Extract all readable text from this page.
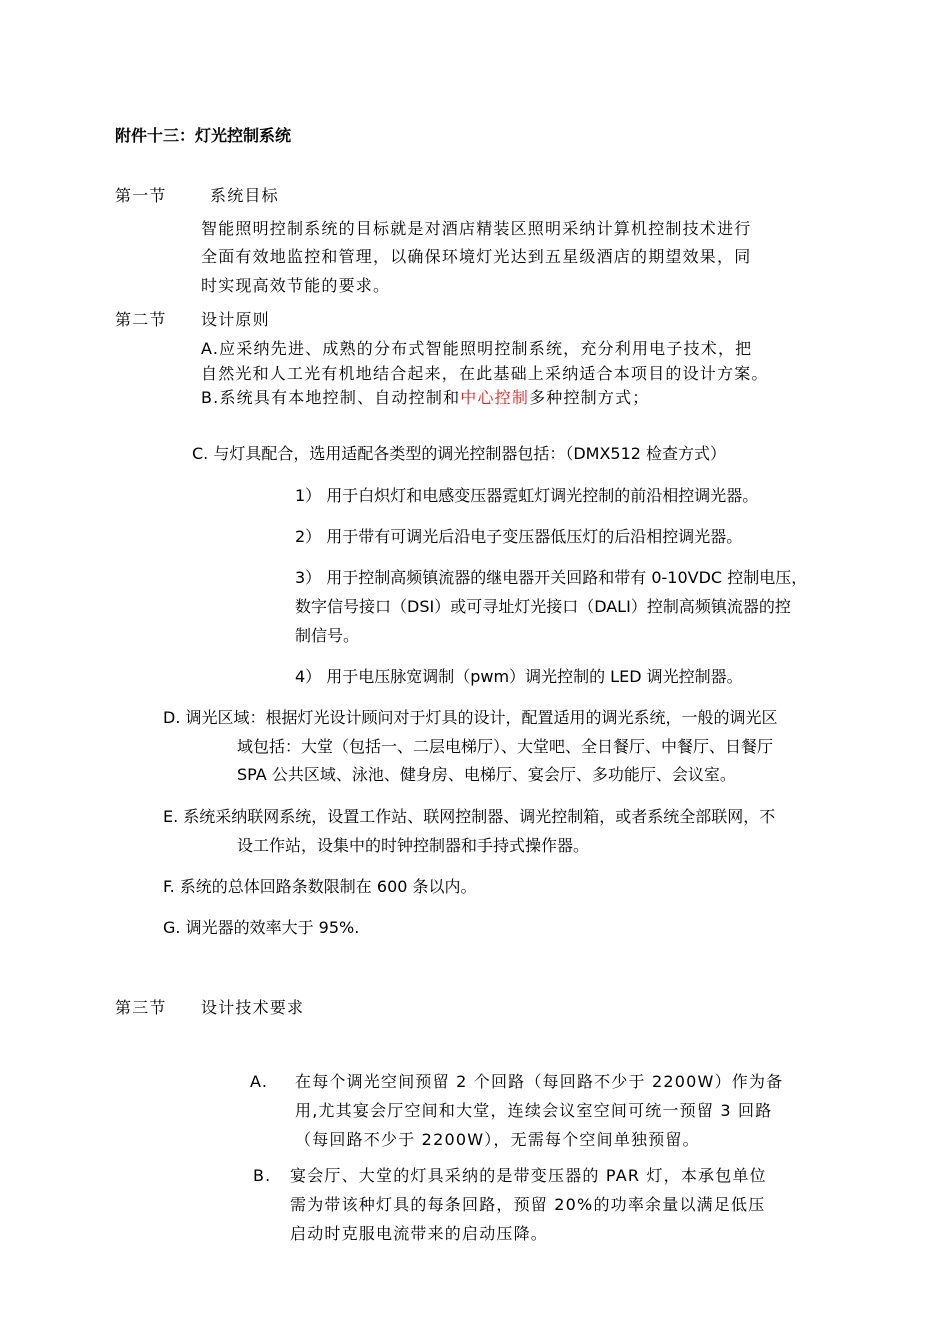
附件十三：灯光控制系统
第一节	系统目标
智能照明控制系统的目标就是对酒店精装区照明采纳计算机控制技术进行
全面有效地监控和管理，以确保环境灯光达到五星级酒店的期望效果，同
时实现高效节能的要求。
第二节 设计原则
A.应采纳先进、成熟的分布式智能照明控制系统，充分利用电子技术，把
自然光和人工光有机地结合起来，在此基础上采纳适合本项目的设计方案。
B.系统具有本地控制、自动控制和中心控制多种控制方式；
C. 与灯具配合，选用适配各类型的调光控制器包括：（DMX512 检查方式）
1） 用于白炽灯和电感变压器霓虹灯调光控制的前沿相控调光器。
2） 用于带有可调光后沿电子变压器低压灯的后沿相控调光器。
3） 用于控制高频镇流器的继电器开关回路和带有 0-10VDC 控制电压，
数字信号接口（DSI）或可寻址灯光接口（DALI）控制高频镇流器的控
制信号。
4） 用于电压脉宽调制（pwm）调光控制的 LED 调光控制器。
D. 调光区域：根据灯光设计顾问对于灯具的设计，配置适用的调光系统，一般的调光区
域包括：大堂（包括一、二层电梯厅）、大堂吧、全日餐厅、中餐厅、日餐厅
SPA 公共区域、泳池、健身房、电梯厅、宴会厅、多功能厅、会议室。
E. 系统采纳联网系统，设置工作站、联网控制器、调光控制箱，或者系统全部联网，不
设工作站，设集中的时钟控制器和手持式操作器。
F. 系统的总体回路条数限制在 600 条以内。
G. 调光器的效率大于 95%.
第三节 设计技术要求
A. 在每个调光空间预留 2 个回路（每回路不少于 2200W）作为备
用,尤其宴会厅空间和大堂，连续会议室空间可统一预留 3 回路
（每回路不少于 2200W），无需每个空间单独预留。
B. 宴会厅、大堂的灯具采纳的是带变压器的 PAR 灯，本承包单位
需为带该种灯具的每条回路，预留 20%的功率余量以满足低压
启动时克服电流带来的启动压降。
